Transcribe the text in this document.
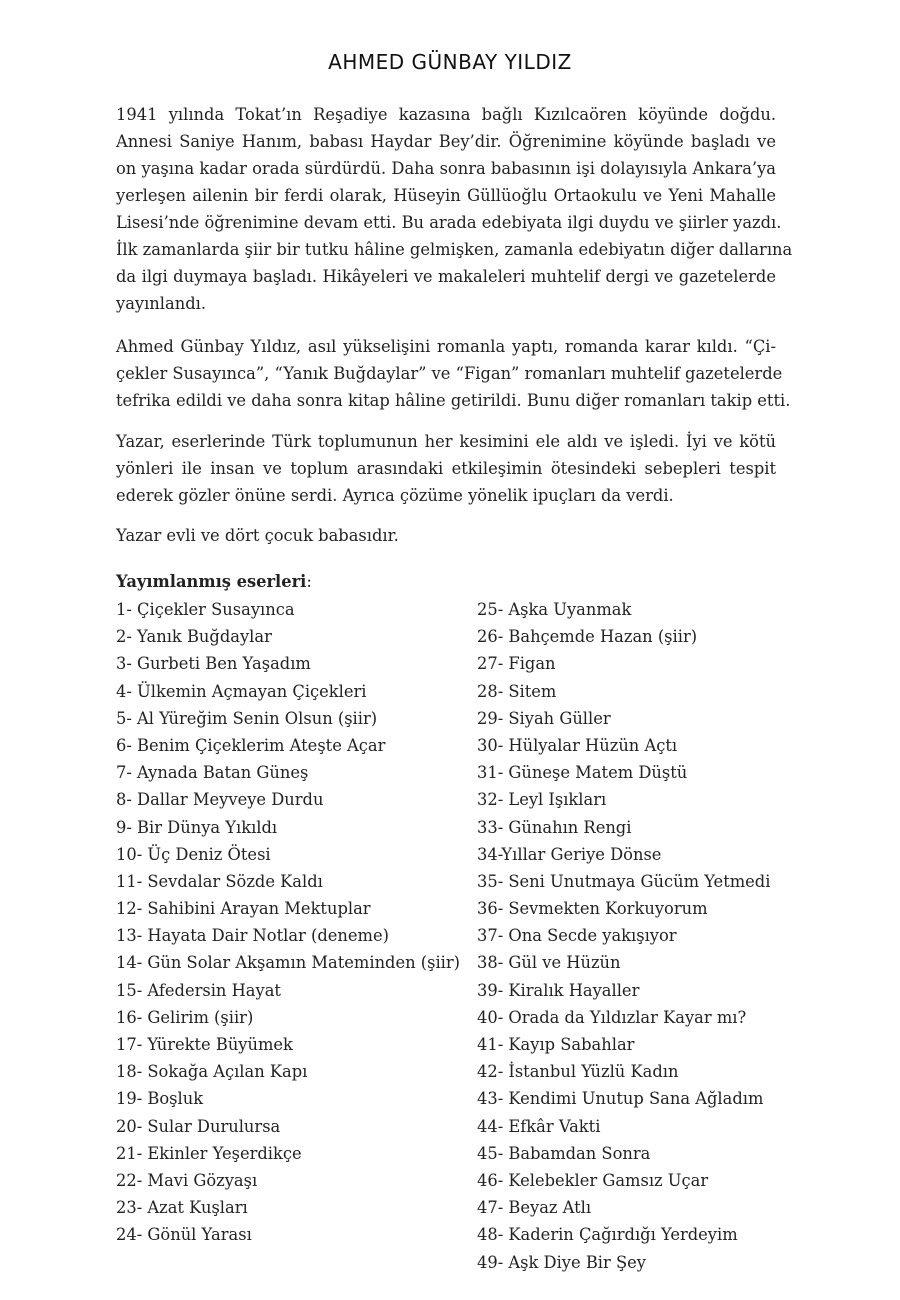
AHMED GÜNBAY YILDIZ
1941 yılında Tokat’ın Reşadiye kazasına bağlı Kızılcaören köyünde doğdu.
Annesi Saniye Hanım, babası Haydar Bey’dir. Öğrenimine köyünde başladı ve
on yaşına kadar orada sürdürdü. Daha sonra babasının işi dolayısıyla Ankara’ya
yerleşen ailenin bir ferdi olarak, Hüseyin Güllüoğlu Ortaokulu ve Yeni Mahalle
Lisesi’nde öğrenimine devam etti. Bu arada edebiyata ilgi duydu ve şiirler yazdı.
İlk zamanlarda şiir bir tutku hâline gelmişken, zamanla edebiyatın diğer dallarına
da ilgi duymaya başladı. Hikâyeleri ve makaleleri muhtelif dergi ve gazetelerde
yayınlandı.
Ahmed Günbay Yıldız, asıl yükselişini romanla yaptı, romanda karar kıldı. “Çi-
çekler Susayınca”, “Yanık Buğdaylar” ve “Figan” romanları muhtelif gazetelerde
tefrika edildi ve daha sonra kitap hâline getirildi. Bunu diğer romanları takip etti.
Yazar, eserlerinde Türk toplumunun her kesimini ele aldı ve işledi. İyi ve kötü
yönleri ile insan ve toplum arasındaki etkileşimin ötesindeki sebepleri tespit
ederek gözler önüne serdi. Ayrıca çözüme yönelik ipuçları da verdi.
Yazar evli ve dört çocuk babasıdır.
Yayımlanmış eserleri:
1- Çiçekler Susayınca
2- Yanık Buğdaylar
3- Gurbeti Ben Yaşadım
4- Ülkemin Açmayan Çiçekleri
5- Al Yüreğim Senin Olsun (şiir)
6- Benim Çiçeklerim Ateşte Açar
7- Aynada Batan Güneş
8- Dallar Meyveye Durdu
9- Bir Dünya Yıkıldı
10- Üç Deniz Ötesi
11- Sevdalar Sözde Kaldı
12- Sahibini Arayan Mektuplar
13- Hayata Dair Notlar (deneme)
14- Gün Solar Akşamın Mateminden (şiir)
15- Afedersin Hayat
16- Gelirim (şiir)
17- Yürekte Büyümek
18- Sokağa Açılan Kapı
19- Boşluk
20- Sular Durulursa
21- Ekinler Yeşerdikçe
22- Mavi Gözyaşı
23- Azat Kuşları
24- Gönül Yarası
25- Aşka Uyanmak
26- Bahçemde Hazan (şiir)
27- Figan
28- Sitem
29- Siyah Güller
30- Hülyalar Hüzün Açtı
31- Güneşe Matem Düştü
32- Leyl Işıkları
33- Günahın Rengi
34-Yıllar Geriye Dönse
35- Seni Unutmaya Gücüm Yetmedi
36- Sevmekten Korkuyorum
37- Ona Secde yakışıyor
38- Gül ve Hüzün
39- Kiralık Hayaller
40- Orada da Yıldızlar Kayar mı?
41- Kayıp Sabahlar
42- İstanbul Yüzlü Kadın
43- Kendimi Unutup Sana Ağladım
44- Efkâr Vakti
45- Babamdan Sonra
46- Kelebekler Gamsız Uçar
47- Beyaz Atlı
48- Kaderin Çağırdığı Yerdeyim
49- Aşk Diye Bir Şey
